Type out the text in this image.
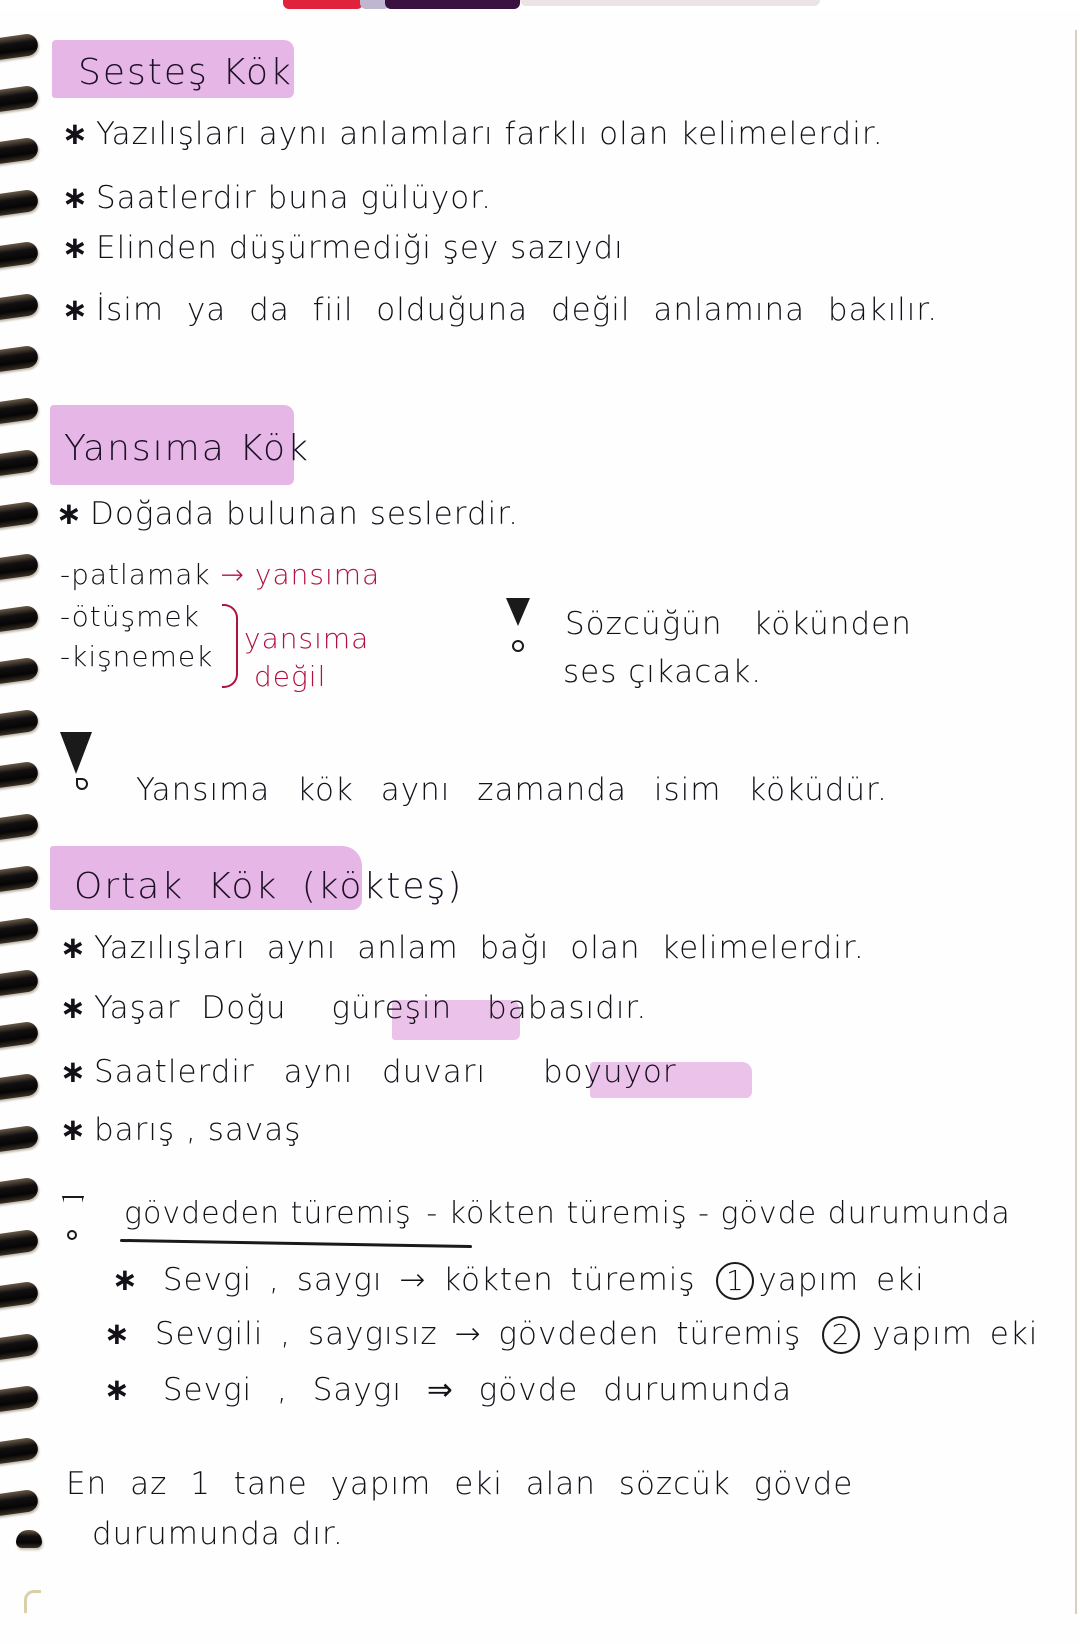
Sesteş Kök
∗ Yazılışları aynı anlamları farklı olan kelimelerdir.
∗ Saatlerdir buna gülüyor.
∗ Elinden düşürmediği şey sazıydı
∗ İsim ya da fiil olduğuna değil anlamına bakılır.
Yansıma Kök
∗ Doğada bulunan seslerdir.
-patlamak → yansıma
-ötüşmek
-kişnemek
yansıma
değil
Sözcüğün kökünden
ses çıkacak.
Yansıma kök aynı zamanda isim köküdür.
Ortak Kök (kökteş)
∗ Yazılışları aynı anlam bağı olan kelimelerdir.
∗ Yaşar Doğu güreşin babasıdır.
∗ Saatlerdir aynı duvarı boyuyor
∗ barış , savaş
gövdeden türemiş - kökten türemiş - gövde durumunda
∗ Sevgi , saygı → kökten türemiş 1 yapım eki
∗ Sevgili , saygısız → gövdeden türemiş 2 yapım eki
∗ Sevgi , Saygı ⇒ gövde durumunda
En az 1 tane yapım eki alan sözcük gövde
durumunda dır.
